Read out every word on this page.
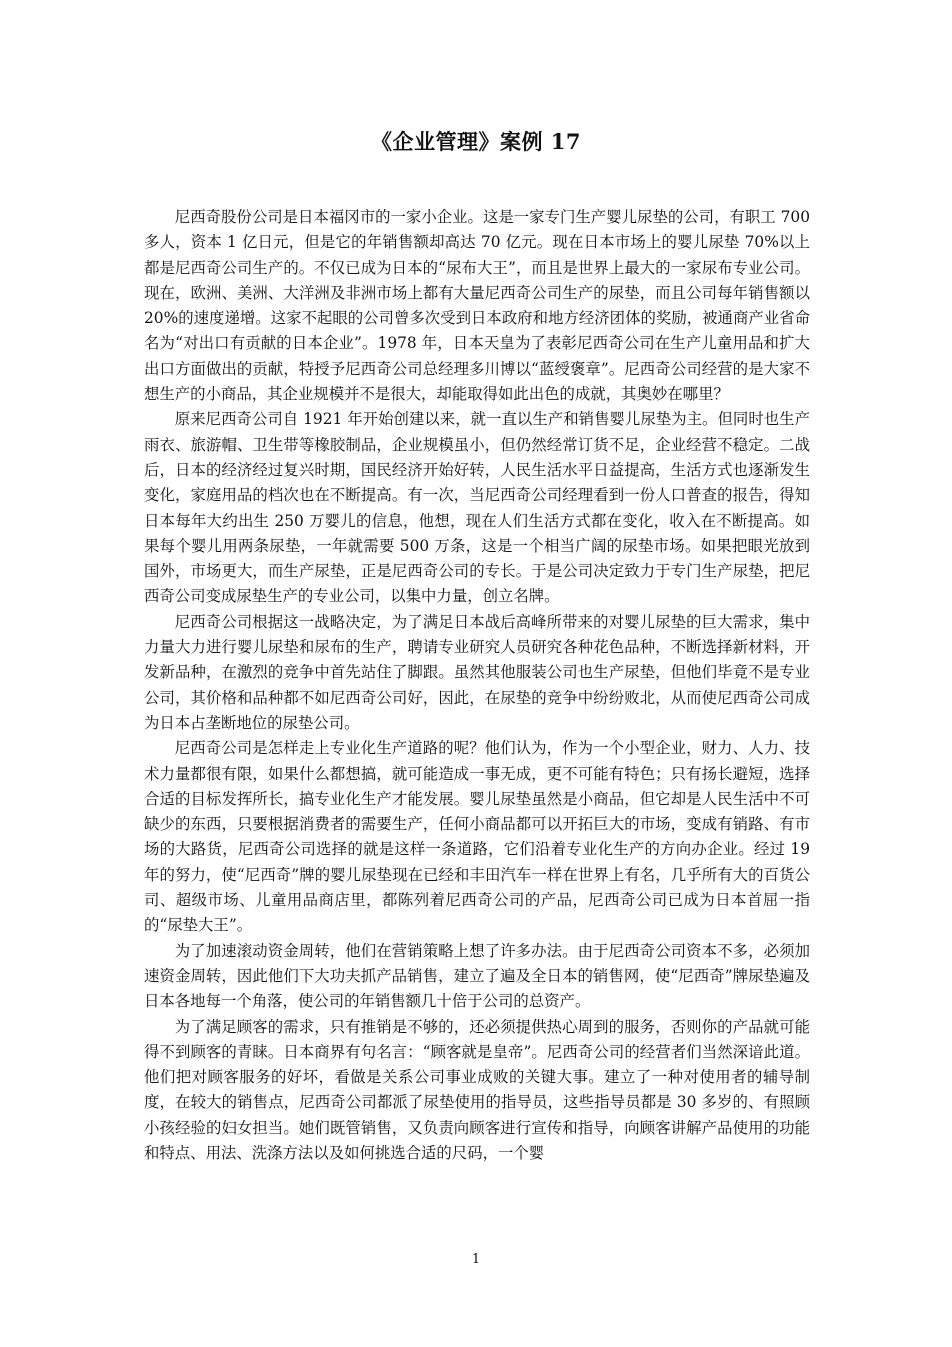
《企业管理》案例 17

尼西奇股份公司是日本福冈市的一家小企业。这是一家专门生产婴儿尿垫的公司，有职工 700 多人，资本 1 亿日元，但是它的年销售额却高达 70 亿元。现在日本市场上的婴儿尿垫 70%以上都是尼西奇公司生产的。不仅已成为日本的“尿布大王”，而且是世界上最大的一家尿布专业公司。现在，欧洲、美洲、大洋洲及非洲市场上都有大量尼西奇公司生产的尿垫，而且公司每年销售额以 20%的速度递增。这家不起眼的公司曾多次受到日本政府和地方经济团体的奖励，被通商产业省命名为“对出口有贡献的日本企业”。1978 年，日本天皇为了表彰尼西奇公司在生产儿童用品和扩大出口方面做出的贡献，特授予尼西奇公司总经理多川博以“蓝绶褒章”。尼西奇公司经营的是大家不想生产的小商品，其企业规模并不是很大，却能取得如此出色的成就，其奥妙在哪里？

原来尼西奇公司自 1921 年开始创建以来，就一直以生产和销售婴儿尿垫为主。但同时也生产雨衣、旅游帽、卫生带等橡胶制品，企业规模虽小，但仍然经常订货不足，企业经营不稳定。二战后，日本的经济经过复兴时期，国民经济开始好转，人民生活水平日益提高，生活方式也逐渐发生变化，家庭用品的档次也在不断提高。有一次，当尼西奇公司经理看到一份人口普查的报告，得知日本每年大约出生 250 万婴儿的信息，他想，现在人们生活方式都在变化，收入在不断提高。如果每个婴儿用两条尿垫，一年就需要 500 万条，这是一个相当广阔的尿垫市场。如果把眼光放到国外，市场更大，而生产尿垫，正是尼西奇公司的专长。于是公司决定致力于专门生产尿垫，把尼西奇公司变成尿垫生产的专业公司，以集中力量，创立名牌。

尼西奇公司根据这一战略决定，为了满足日本战后高峰所带来的对婴儿尿垫的巨大需求，集中力量大力进行婴儿尿垫和尿布的生产，聘请专业研究人员研究各种花色品种，不断选择新材料，开发新品种，在激烈的竞争中首先站住了脚跟。虽然其他服装公司也生产尿垫，但他们毕竟不是专业公司，其价格和品种都不如尼西奇公司好，因此，在尿垫的竞争中纷纷败北，从而使尼西奇公司成为日本占垄断地位的尿垫公司。

尼西奇公司是怎样走上专业化生产道路的呢？他们认为，作为一个小型企业，财力、人力、技术力量都很有限，如果什么都想搞，就可能造成一事无成，更不可能有特色；只有扬长避短，选择合适的目标发挥所长，搞专业化生产才能发展。婴儿尿垫虽然是小商品，但它却是人民生活中不可缺少的东西，只要根据消费者的需要生产，任何小商品都可以开拓巨大的市场，变成有销路、有市场的大路货，尼西奇公司选择的就是这样一条道路，它们沿着专业化生产的方向办企业。经过 19 年的努力，使“尼西奇”牌的婴儿尿垫现在已经和丰田汽车一样在世界上有名，几乎所有大的百货公司、超级市场、儿童用品商店里，都陈列着尼西奇公司的产品，尼西奇公司已成为日本首屈一指的“尿垫大王”。

为了加速滚动资金周转，他们在营销策略上想了许多办法。由于尼西奇公司资本不多，必须加速资金周转，因此他们下大功夫抓产品销售，建立了遍及全日本的销售网，使“尼西奇”牌尿垫遍及日本各地每一个角落，使公司的年销售额几十倍于公司的总资产。

为了满足顾客的需求，只有推销是不够的，还必须提供热心周到的服务，否则你的产品就可能得不到顾客的青睐。日本商界有句名言：“顾客就是皇帝”。尼西奇公司的经营者们当然深谙此道。他们把对顾客服务的好坏，看做是关系公司事业成败的关键大事。建立了一种对使用者的辅导制度，在较大的销售点，尼西奇公司都派了尿垫使用的指导员，这些指导员都是 30 多岁的、有照顾小孩经验的妇女担当。她们既管销售，又负责向顾客进行宣传和指导，向顾客讲解产品使用的功能和特点、用法、洗涤方法以及如何挑选合适的尺码，一个婴

1
